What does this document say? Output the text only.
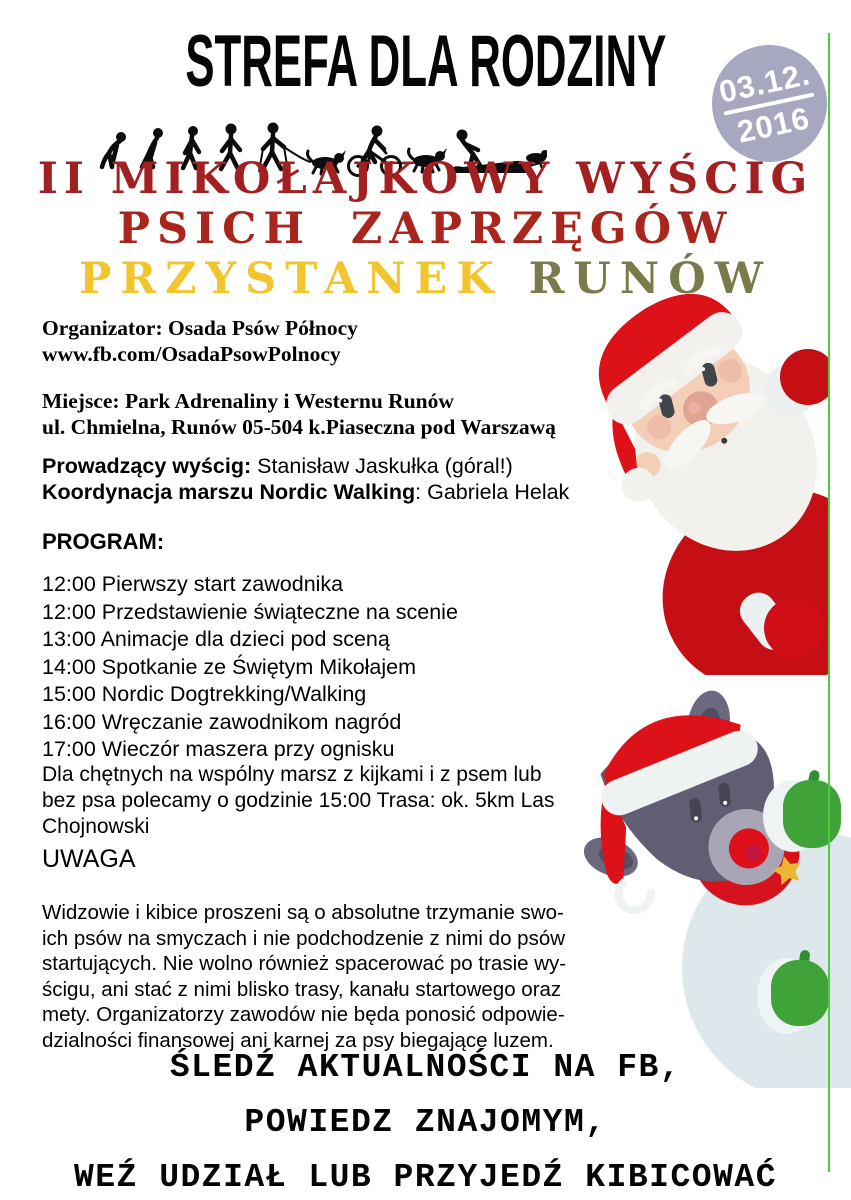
STREFA DLA RODZINY	03.12.
2016
II MIKOŁAJKOWY WYŚCIG
PSICH ZAPRZĘGÓW
PRZYSTANEK RUNÓW
Organizator: Osada Psów Północy
www.fb.com/OsadaPsowPolnocy
Miejsce: Park Adrenaliny i Westernu Runów
ul. Chmielna, Runów 05-504 k.Piaseczna pod Warszawą
Prowadzący wyścig: Stanisław Jaskułka (góral!)
Koordynacja marszu Nordic Walking: Gabriela Helak
PROGRAM:
12:00 Pierwszy start zawodnika
12:00 Przedstawienie świąteczne na scenie
13:00 Animacje dla dzieci pod sceną
14:00 Spotkanie ze Świętym Mikołajem
15:00 Nordic Dogtrekking/Walking
16:00 Wręczanie zawodnikom nagród
17:00 Wieczór maszera przy ognisku
Dla chętnych na wspólny marsz z kijkami i z psem lub
bez psa polecamy o godzinie 15:00 Trasa: ok. 5km Las
Chojnowski
UWAGA
Widzowie i kibice proszeni są o absolutne trzymanie swo-
ich psów na smyczach i nie podchodzenie z nimi do psów
startujących. Nie wolno również spacerować po trasie wy-
ścigu, ani stać z nimi blisko trasy, kanału startowego oraz
mety. Organizatorzy zawodów nie będa ponosić odpowie-
dzialności finansowej ani karnej za psy biegające luzem.
ŚLEDŹ AKTUALNOŚCI NA FB,
POWIEDZ ZNAJOMYM,
WEŹ UDZIAŁ LUB PRZYJEDŹ KIBICOWAĆ
